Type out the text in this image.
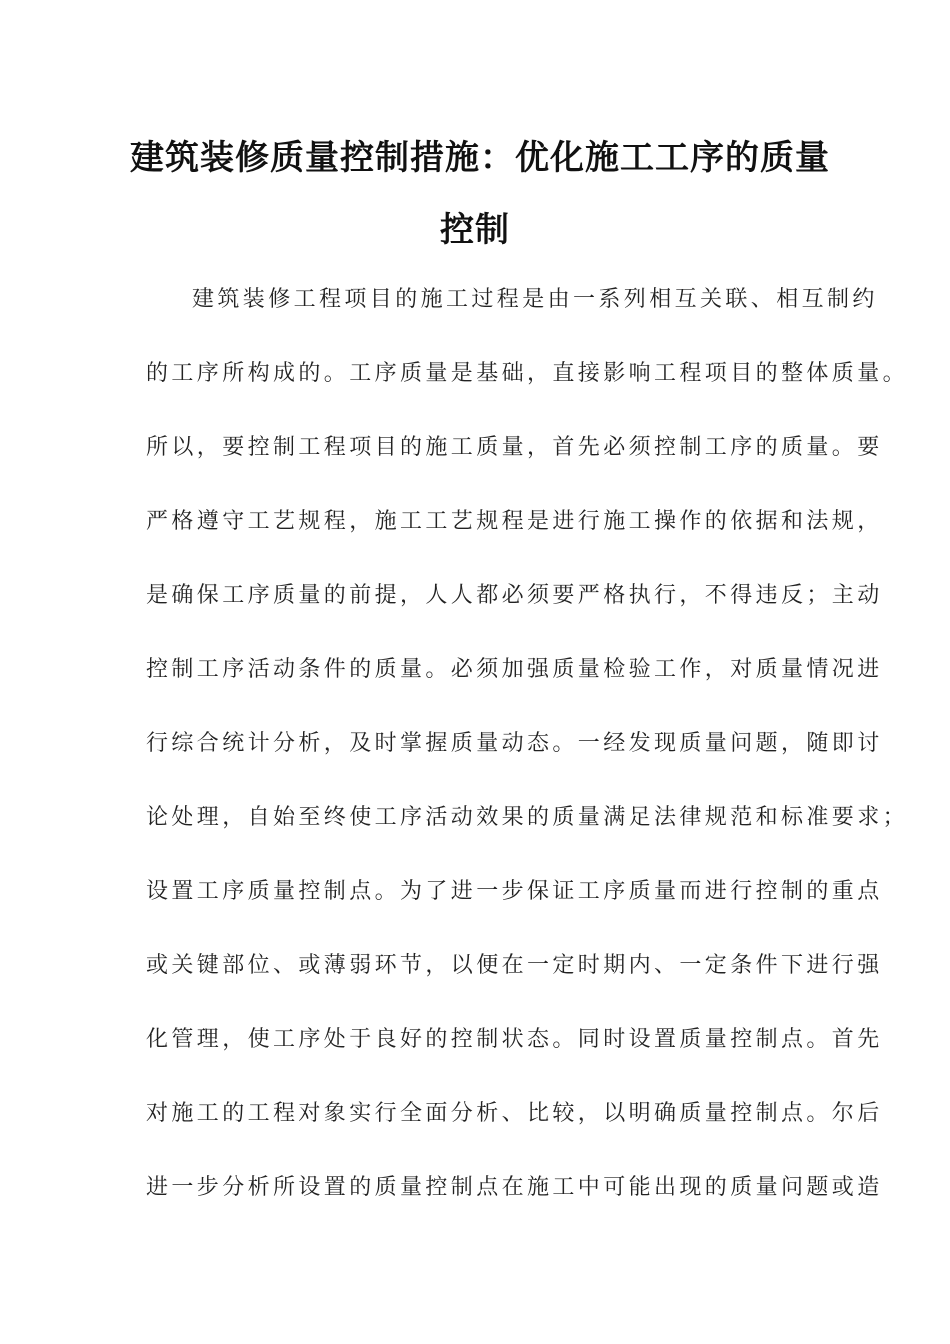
建筑装修质量控制措施：优化施工工序的质量
控制
建筑装修工程项目的施工过程是由一系列相互关联、相互制约
的工序所构成的。工序质量是基础，直接影响工程项目的整体质量。
所以，要控制工程项目的施工质量，首先必须控制工序的质量。要
严格遵守工艺规程，施工工艺规程是进行施工操作的依据和法规，
是确保工序质量的前提，人人都必须要严格执行，不得违反；主动
控制工序活动条件的质量。必须加强质量检验工作，对质量情况进
行综合统计分析，及时掌握质量动态。一经发现质量问题，随即讨
论处理，自始至终使工序活动效果的质量满足法律规范和标准要求；
设置工序质量控制点。为了进一步保证工序质量而进行控制的重点
或关键部位、或薄弱环节，以便在一定时期内、一定条件下进行强
化管理，使工序处于良好的控制状态。同时设置质量控制点。首先
对施工的工程对象实行全面分析、比较，以明确质量控制点。尔后
进一步分析所设置的质量控制点在施工中可能出现的质量问题或造
